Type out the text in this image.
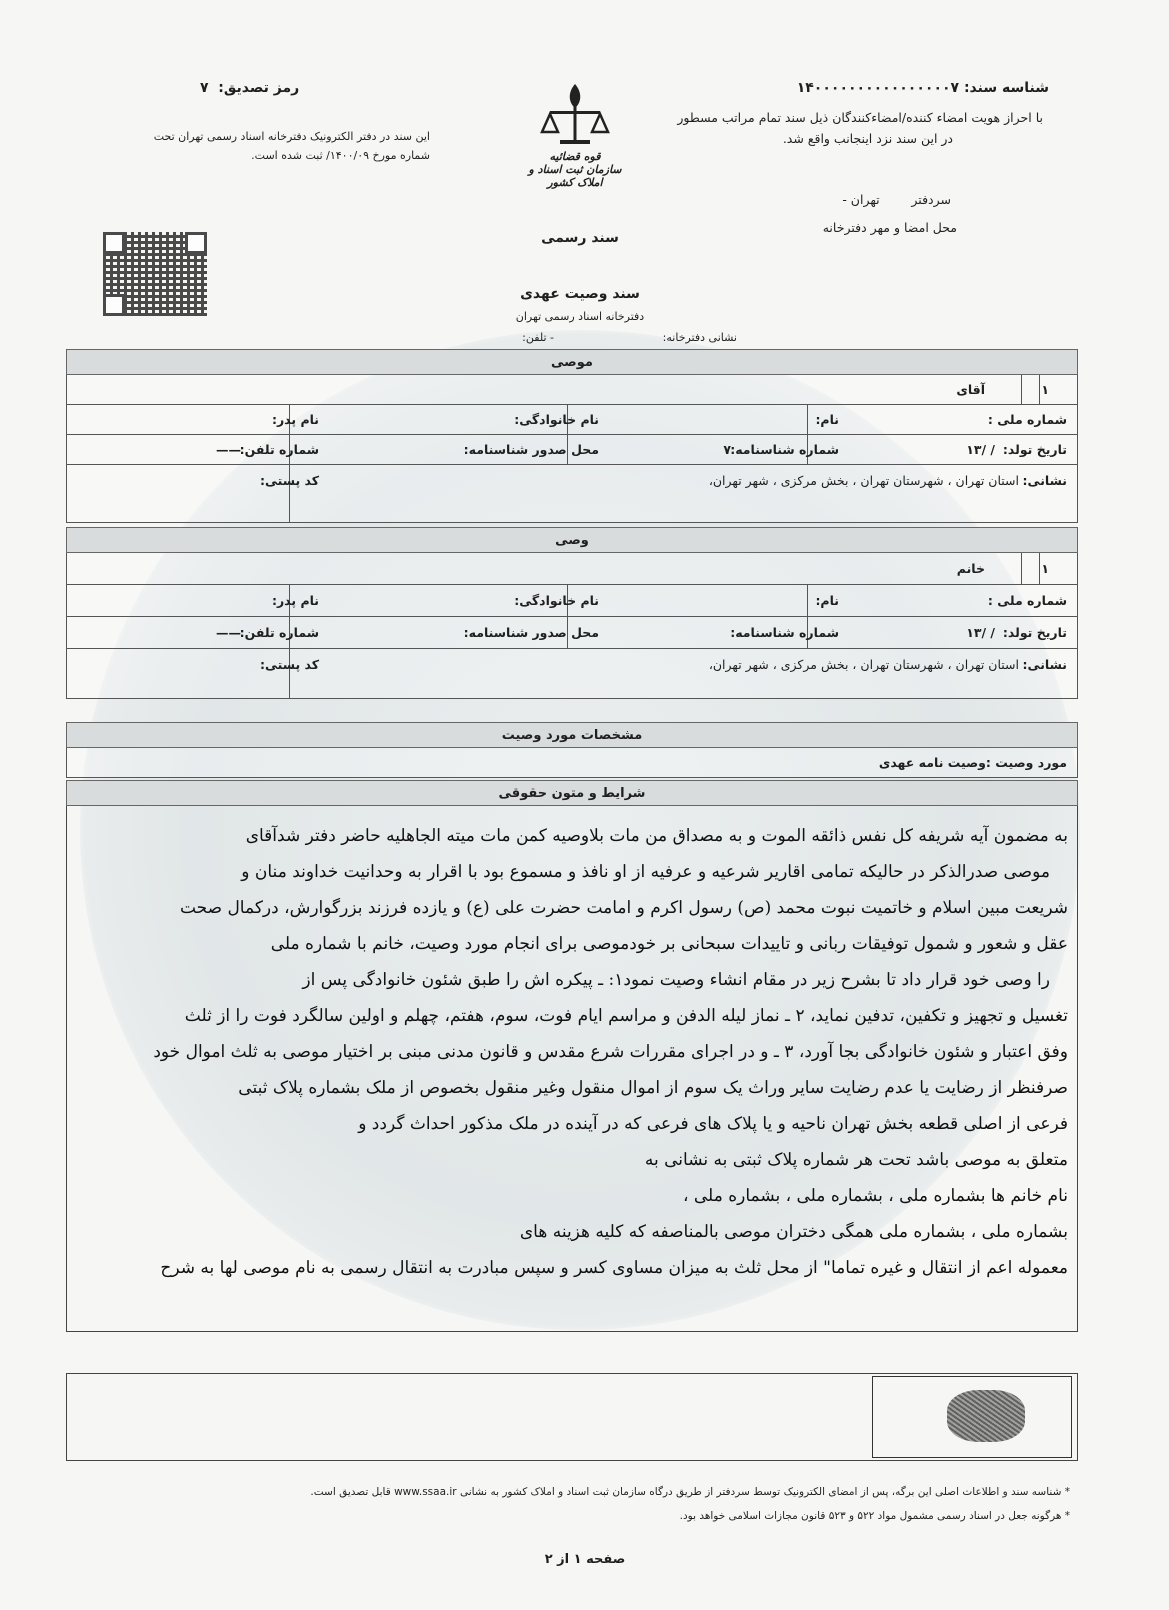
شناسه سند: ۱۴۰۰۰۰۰۰۰۰۰۰۰۰۰۰۰۰۷
با احراز هویت امضاء کننده/امضاءکنندگان ذیل سند تمام مراتب مسطور
در این سند نزد اینجانب واقع شد.
سردفتر        تهران -
محل امضا و مهر دفترخانه
قوه قضائیه
سازمان ثبت اسناد و املاک کشور
سند رسمی
سند وصیت عهدی
دفترخانه اسناد رسمی تهران
نشانی دفترخانه:
- تلفن:
رمز تصدیق:  ۷
این سند در دفتر الکترونیک دفترخانه اسناد رسمی تهران تحت
شماره مورخ ۱۴۰۰/۰۹/ ثبت شده است.
موصی
۱
آقای
شماره ملی :
نام:
نام خانوادگی:
نام پدر:
تاریخ تولد:
/ /۱۳
شماره شناسنامه:
۷
محل صدور شناسنامه:
شماره تلفن:
——
نشانی:
استان تهران ، شهرستان تهران ، بخش مرکزی ، شهر تهران،
کد پستی:
وصی
۱
خانم
شماره ملی :
نام:
نام خانوادگی:
نام پدر:
تاریخ تولد:
/ /۱۳
شماره شناسنامه:
محل صدور شناسنامه:
شماره تلفن:
——
نشانی:
استان تهران ، شهرستان تهران ، بخش مرکزی ، شهر تهران،
کد پستی:
مشخصات مورد وصیت
مورد وصیت :وصیت نامه عهدی
شرایط و متون حقوقی

به مضمون آیه شریفه کل نفس ذائقه الموت و به مصداق من مات بلاوصیه کمن مات میته الجاهلیه حاضر دفتر شدآقای

موصی صدرالذکر در حالیکه تمامی اقاریر شرعیه و عرفیه از او نافذ و مسموع بود با اقرار به وحدانیت خداوند منان و

شریعت مبین اسلام و خاتمیت نبوت محمد (ص) رسول اکرم و امامت حضرت علی (ع) و یازده فرزند بزرگوارش، درکمال صحت

عقل و شعور و شمول توفیقات ربانی و تاییدات سبحانی بر خودموصی برای انجام مورد وصیت، خانم با شماره ملی

را وصی خود قرار داد تا بشرح زیر در مقام انشاء وصیت نمود۱: ـ پیکره اش را طبق شئون خانوادگی پس از

تغسیل و تجهیز و تکفین، تدفین نماید، ۲ ـ نماز لیله الدفن و مراسم ایام فوت، سوم، هفتم، چهلم و اولین سالگرد فوت را از ثلث

وفق اعتبار و شئون خانوادگی بجا آورد، ۳ ـ و در اجرای مقررات شرع مقدس و قانون مدنی مبنی بر اختیار موصی به ثلث اموال خود

صرفنظر از رضایت یا عدم رضایت سایر وراث یک سوم از اموال منقول وغیر منقول بخصوص از ملک بشماره پلاک ثبتی

فرعی از اصلی قطعه بخش تهران ناحیه و یا پلاک های فرعی که در آینده در ملک مذکور احداث گردد و

متعلق به موصی باشد تحت هر شماره پلاک ثبتی به نشانی به

نام خانم ها بشماره ملی ، بشماره ملی ، بشماره ملی ،

بشماره ملی ، بشماره ملی همگی دختران موصی بالمناصفه که کلیه هزینه های

معموله اعم از انتقال و غیره تماما" از محل ثلث به میزان مساوی کسر و سپس مبادرت به انتقال رسمی به نام موصی لها به شرح

* شناسه سند و اطلاعات اصلی این برگه، پس از امضای الکترونیک توسط سردفتر از طریق درگاه سازمان ثبت اسناد و املاک کشور به نشانی www.ssaa.ir قابل تصدیق است.
* هرگونه جعل در اسناد رسمی مشمول مواد ۵۲۲ و ۵۲۳ قانون مجازات اسلامی خواهد بود.
صفحه ۱ از ۲
